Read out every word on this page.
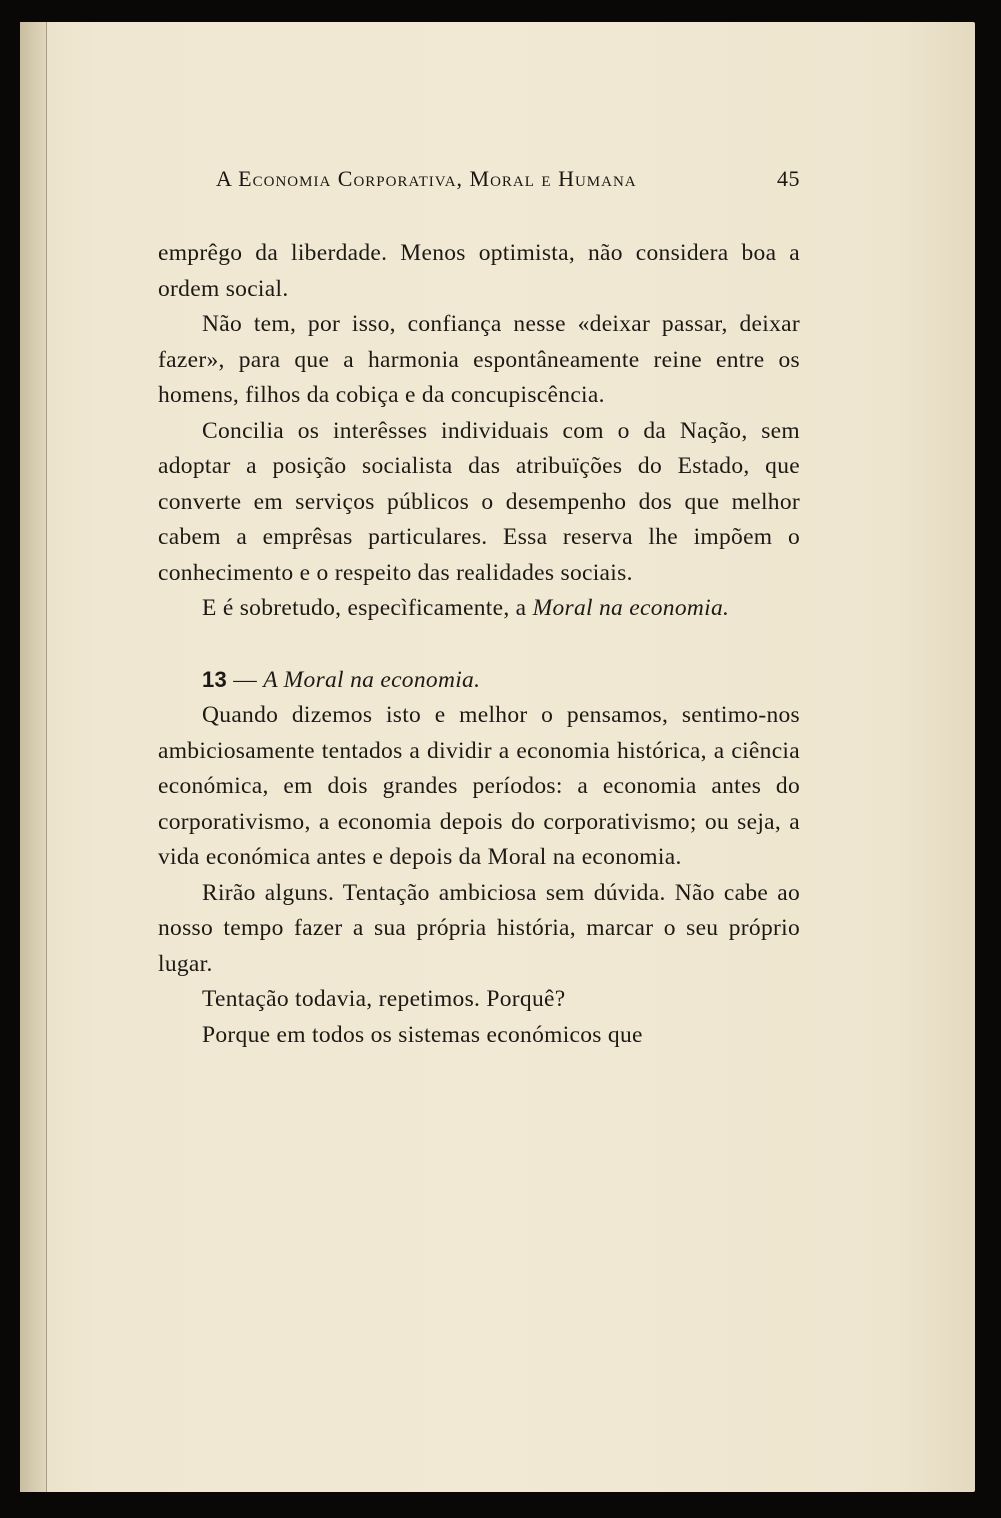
A Economia Corporativa, Moral e Humana	45

emprêgo da liberdade. Menos optimista, não considera boa a ordem social.

Não tem, por isso, confiança nesse «deixar passar, deixar fazer», para que a harmonia espontâneamente reine entre os homens, filhos da cobiça e da concupiscência.

Concilia os interêsses individuais com o da Nação, sem adoptar a posição socialista das atribuïções do Estado, que converte em serviços públicos o desempenho dos que melhor cabem a emprêsas particulares. Essa reserva lhe impõem o conhecimento e o respeito das realidades sociais.

E é sobretudo, especìficamente, a Moral na economia.

13 — A Moral na economia.

Quando dizemos isto e melhor o pensamos, sentimo-nos ambiciosamente tentados a dividir a economia histórica, a ciência económica, em dois grandes períodos: a economia antes do corporativismo, a economia depois do corporativismo; ou seja, a vida económica antes e depois da Moral na economia.

Rirão alguns. Tentação ambiciosa sem dúvida. Não cabe ao nosso tempo fazer a sua própria história, marcar o seu próprio lugar.

Tentação todavia, repetimos. Porquê?

Porque em todos os sistemas económicos que
